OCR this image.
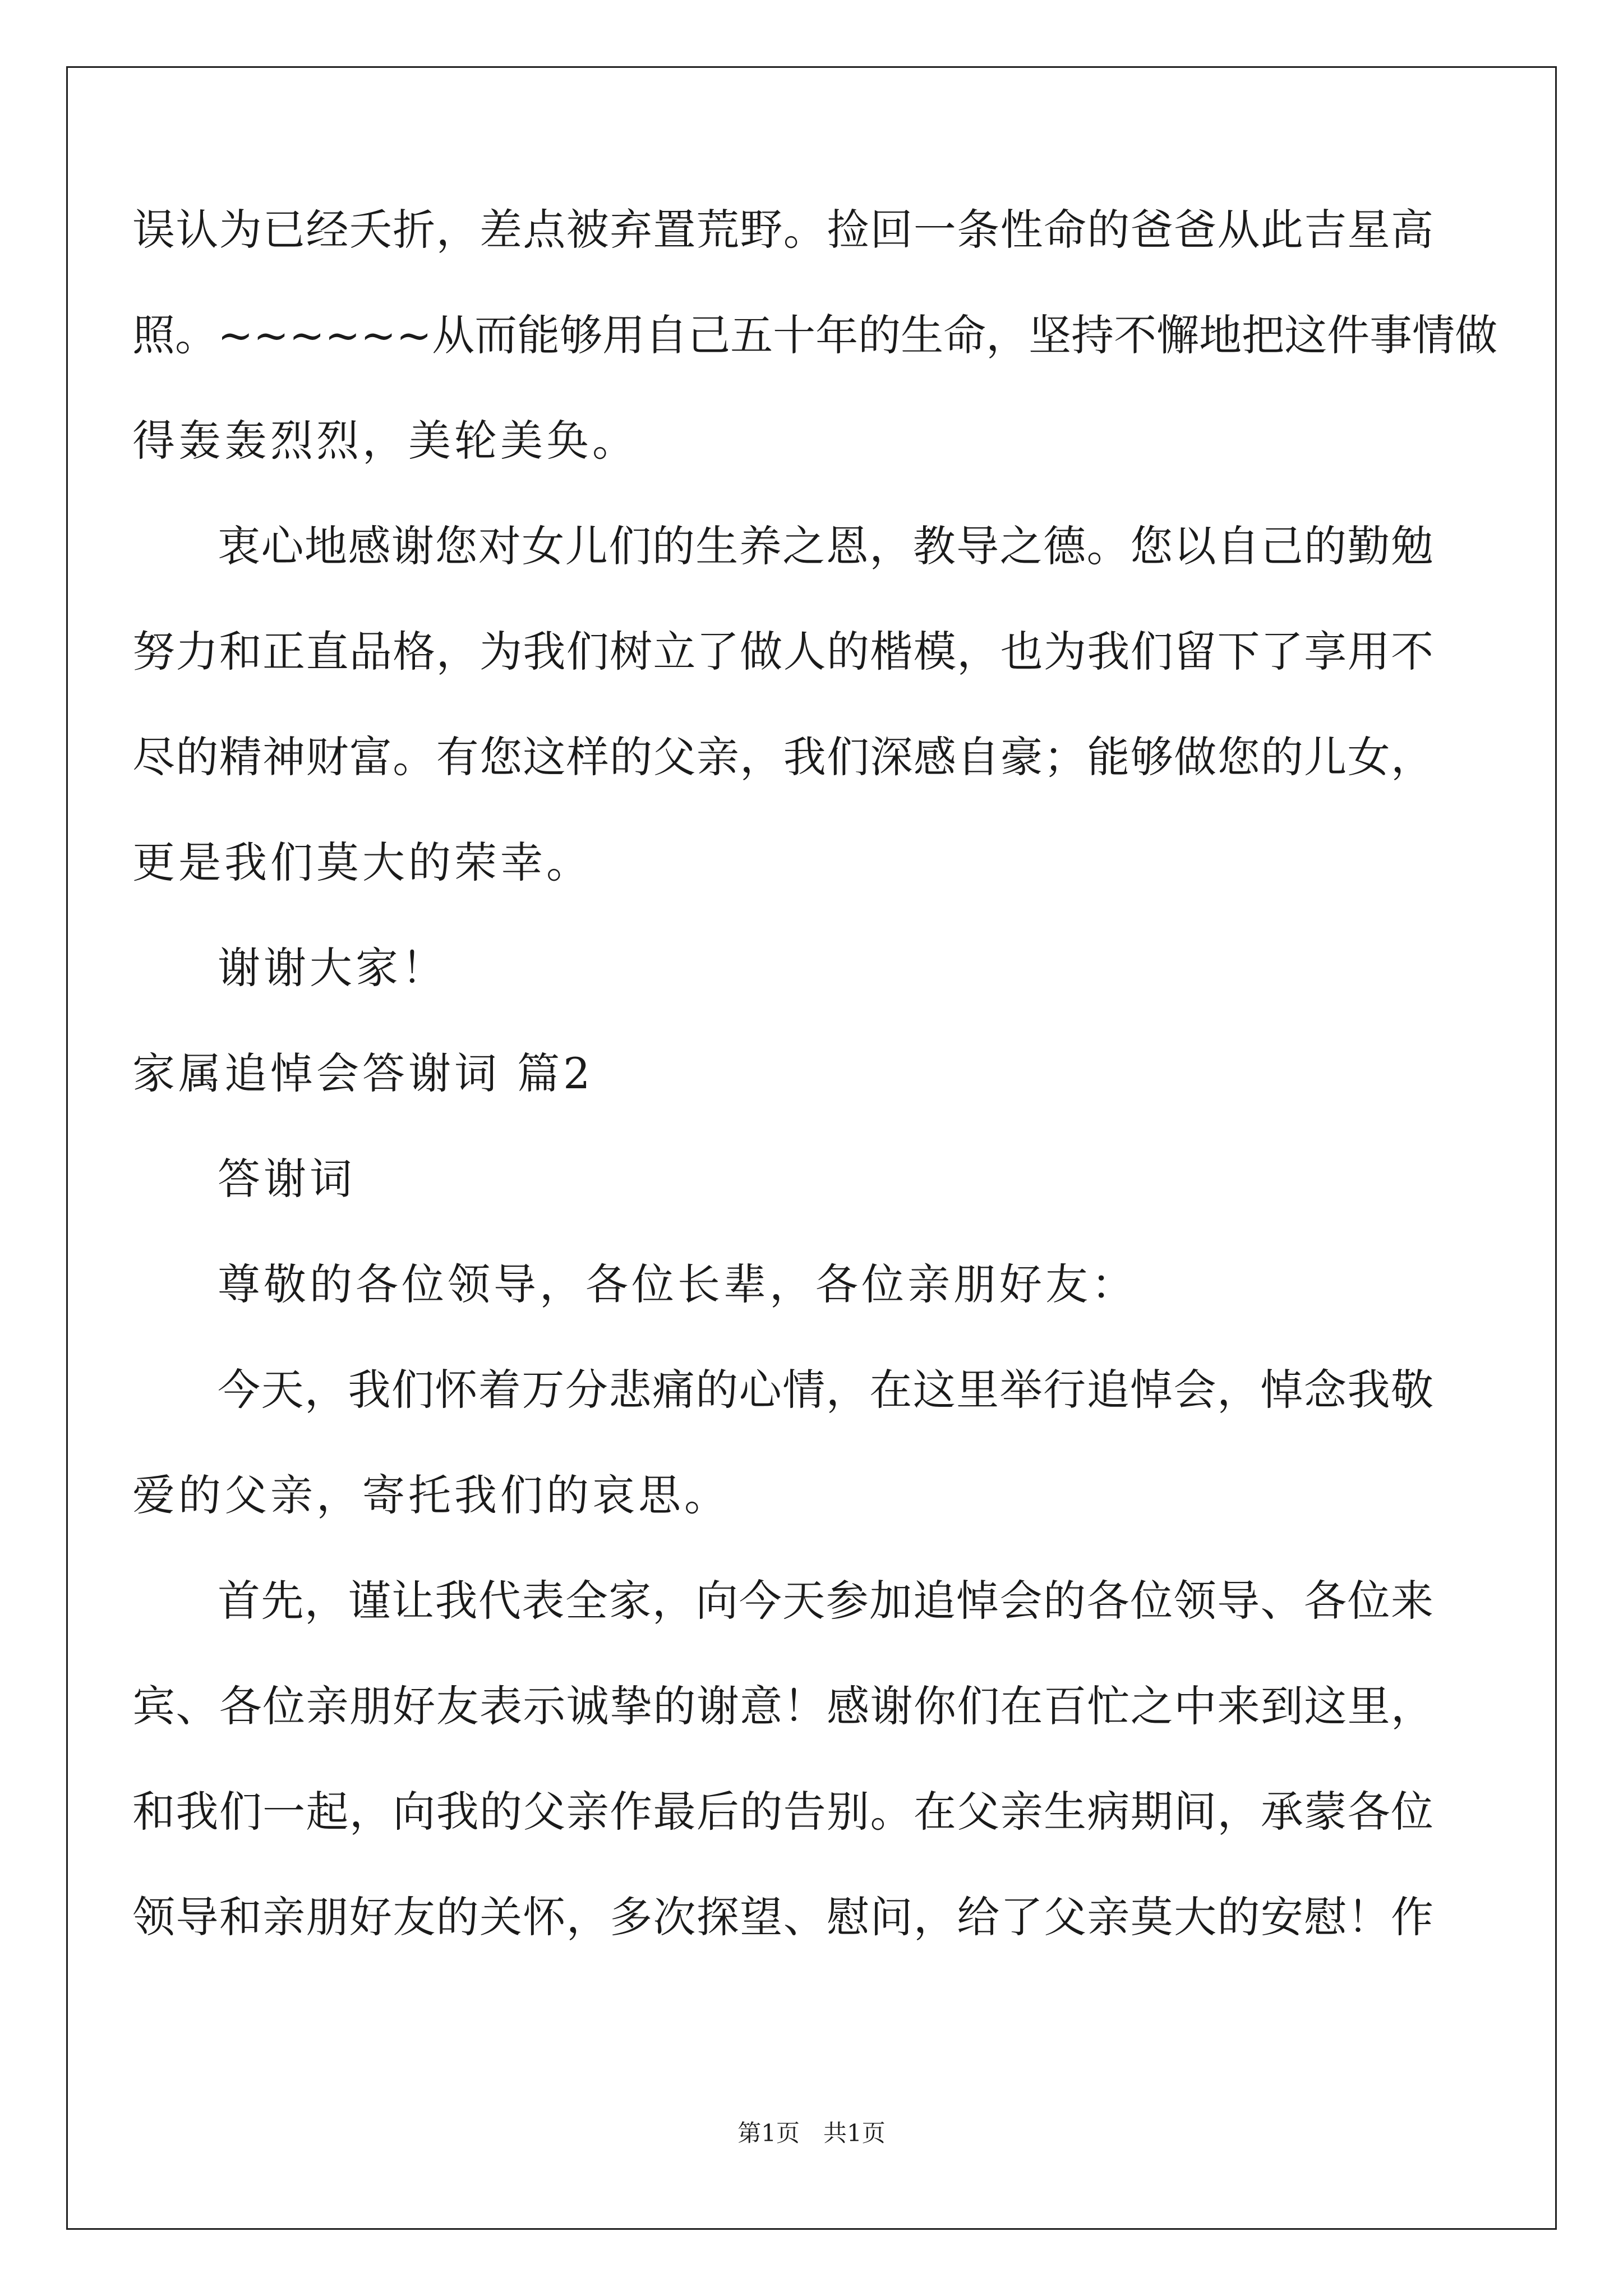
误认为已经夭折，差点被弃置荒野。捡回一条性命的爸爸从此吉星高
照。~~~~~~从而能够用自己五十年的生命，坚持不懈地把这件事情做
得轰轰烈烈，美轮美奂。
衷心地感谢您对女儿们的生养之恩，教导之德。您以自己的勤勉
努力和正直品格，为我们树立了做人的楷模，也为我们留下了享用不
尽的精神财富。有您这样的父亲，我们深感自豪；能够做您的儿女，
更是我们莫大的荣幸。
谢谢大家！
家属追悼会答谢词 篇2
答谢词
尊敬的各位领导，各位长辈，各位亲朋好友：
今天，我们怀着万分悲痛的心情，在这里举行追悼会，悼念我敬
爱的父亲，寄托我们的哀思。
首先，谨让我代表全家，向今天参加追悼会的各位领导、各位来
宾、各位亲朋好友表示诚挚的谢意！感谢你们在百忙之中来到这里，
和我们一起，向我的父亲作最后的告别。在父亲生病期间，承蒙各位
领导和亲朋好友的关怀，多次探望、慰问，给了父亲莫大的安慰！作
第1页　共1页
